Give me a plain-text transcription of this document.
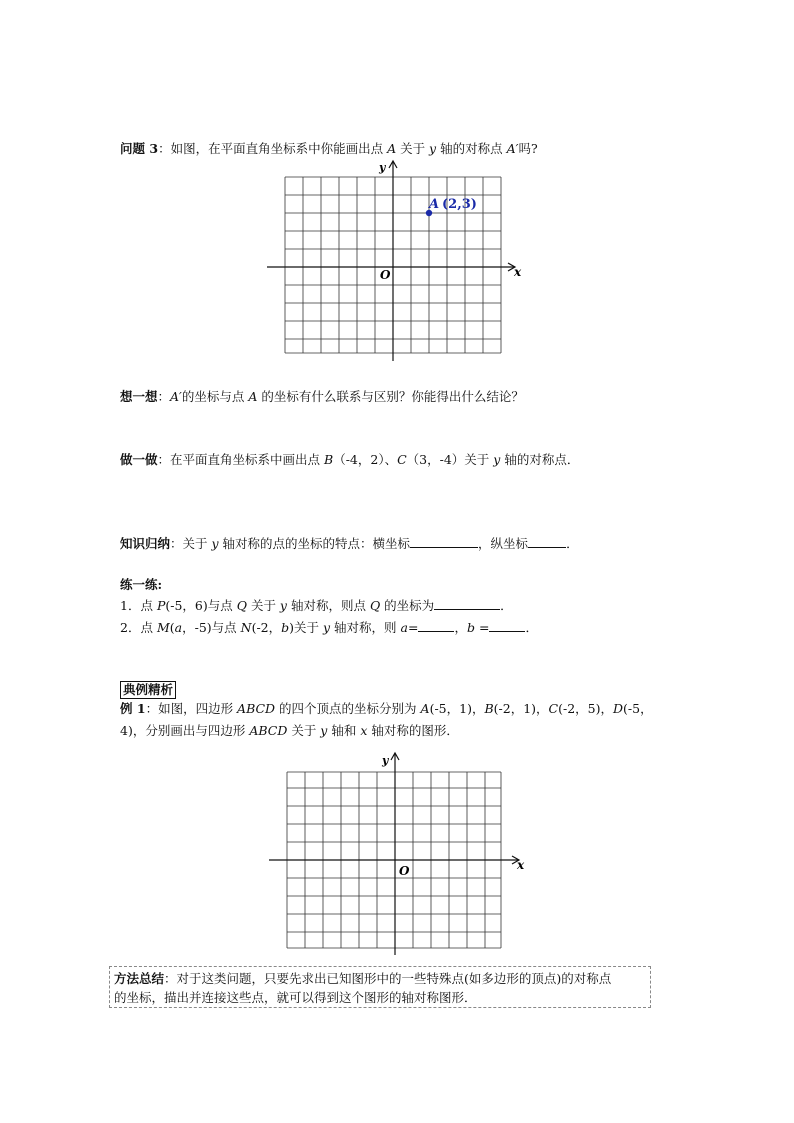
问题 3：如图，在平面直角坐标系中你能画出点 A 关于 y 轴的对称点 A′吗?
y
x
O
A (2,3)
想一想：A′的坐标与点 A 的坐标有什么联系与区别？你能得出什么结论？
做一做：在平面直角坐标系中画出点 B（-4，2）、C（3，-4）关于 y 轴的对称点．
知识归纳：关于 y 轴对称的点的坐标的特点：横坐标	，纵坐标	．
练一练:
1．点 P(-5，6)与点 Q 关于 y 轴对称，则点 Q 的坐标为	．
2．点 M(a，-5)与点 N(-2，b)关于 y 轴对称，则 a=	，b =	．
典例精析
例 1：如图，四边形 ABCD 的四个顶点的坐标分别为 A(-5，1)，B(-2，1)，C(-2，5)，D(-5，
4)，分别画出与四边形 ABCD 关于 y 轴和 x 轴对称的图形．
y
x
O
方法总结：对于这类问题，只要先求出已知图形中的一些特殊点(如多边形的顶点)的对称点
的坐标，描出并连接这些点，就可以得到这个图形的轴对称图形．
